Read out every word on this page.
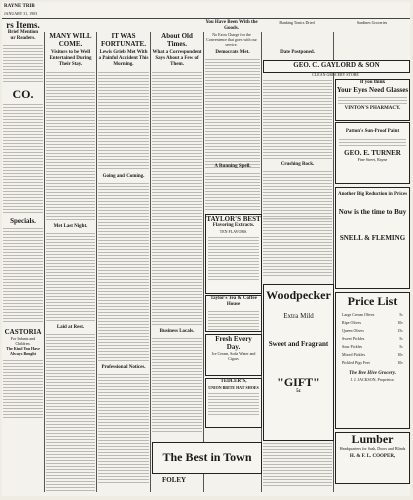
RAYNE TRIB
JANUARY 31, 1903
rs Items.
Brief Mention
ur Readers.
CO.
Specials.
CASTORIA
For Infants and Children.
The Kind You Have Always Bought
MANY WILL COME.
Visitors to be Well Entertained During Their Stay.
Met Last Night.
Laid at Rest.
IT WAS FORTUNATE.
Lewis Grieb Met With a Painful Accident This Morning.
Going and Coming.
Professional Notices.
About Old Times.
What a Correspondent Says About a Few of Them.
Business Locals.
You Have Been With the Goods.
No Extra Charge for the Convenience that goes with our service.
Banking Tonics Dried	Sardines Groceries
Democrats Met.	Date Postponed.
GEO. C. GAYLORD & SON
CLEAN GROCERY STORE
If you think
Your Eyes Need Glasses
VINTON'S PHARMACY.
Crushing Rock.
A Running Spell.
TAYLOR'S BEST
Flavoring Extracts.
TEN FLAVORS.
Patton's Sun-Proof Paint
GEO. E. TURNER
Fine Street, Rayne
Another Big Reduction in Prices
Now is the time to Buy
SNELL & FLEMING
Taylor's Tea & Coffee House
Woodpecker
Extra Mild
Sweet and Fragrant
"GIFT"
5c
Fresh Every
Day.
Ice Cream, Soda Water and Cigars
TEDLER'S,
UNION BRITE HAT SHOES
The Best in Town
FOLEY
Price List
Large Cream Olives	5c
Ripe Olives	10c
Queen Olives	15c
Sweet Pickles	5c
Sour Pickles	5c
Mixed Pickles	10c
Pickled Pigs Feet	10c
The Bee Hive Grocery.
J. J. JACKSON, Proprietor.
Lumber
Headquarters for Sash, Doors and Blinds
H. & F. L. COOPER,
